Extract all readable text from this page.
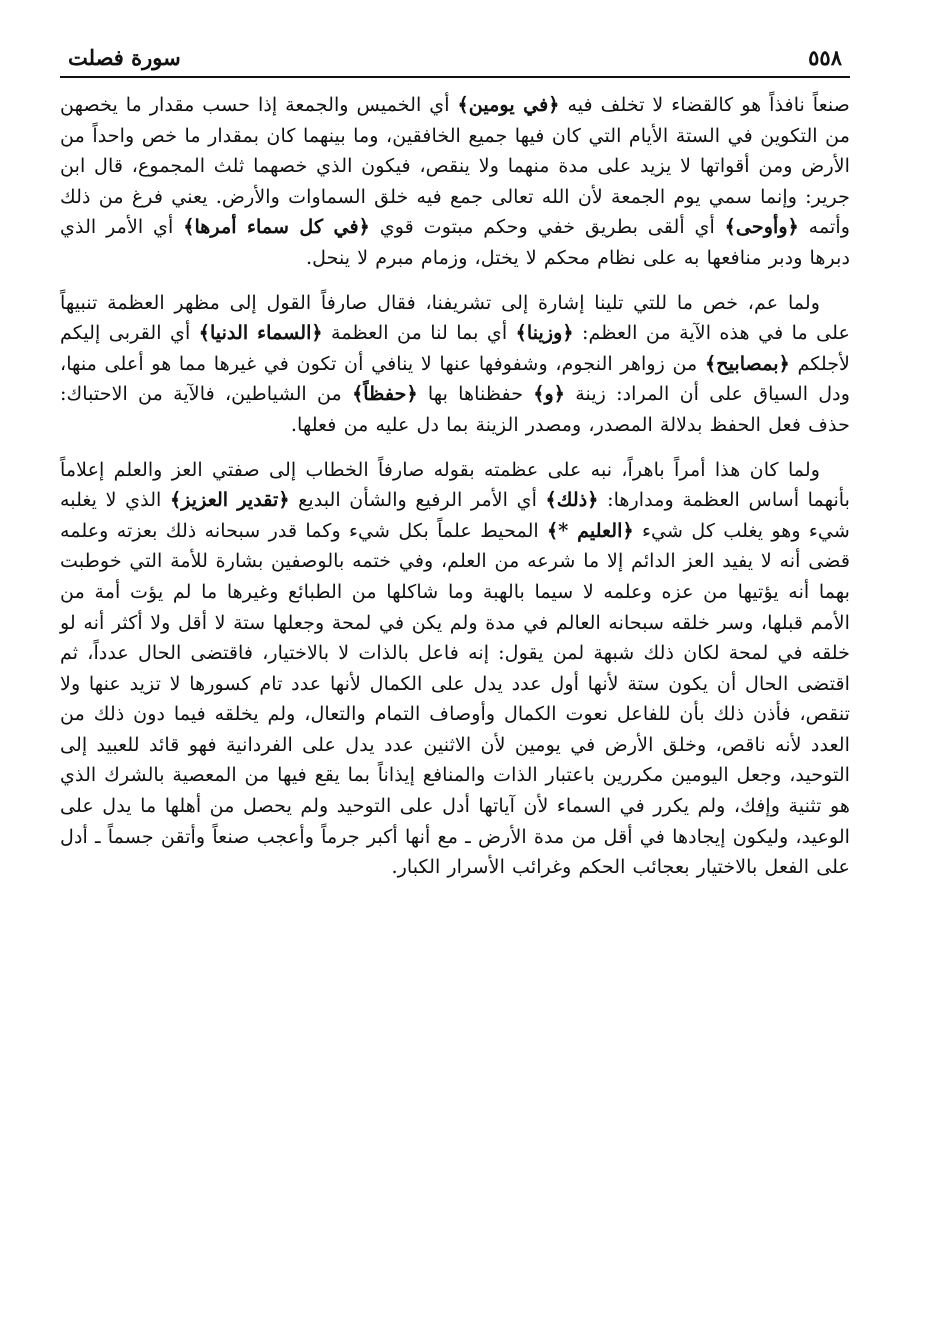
٥٥٨
سورة فصلت

صنعاً نافذاً هو كالقضاء لا تخلف فيه ﴿في يومين﴾ أي الخميس والجمعة إذا حسب مقدار ما يخصهن من التكوين في الستة الأيام التي كان فيها جميع الخافقين، وما بينهما كان بمقدار ما خص واحداً من الأرض ومن أقواتها لا يزيد على مدة منهما ولا ينقص، فيكون الذي خصهما ثلث المجموع، قال ابن جرير: وإنما سمي يوم الجمعة لأن الله تعالى جمع فيه خلق السماوات والأرض. يعني فرغ من ذلك وأتمه ﴿وأوحى﴾ أي ألقى بطريق خفي وحكم مبتوت قوي ﴿في كل سماء أمرها﴾ أي الأمر الذي دبرها ودبر منافعها به على نظام محكم لا يختل، وزمام مبرم لا ينحل.

ولما عم، خص ما للتي تلينا إشارة إلى تشريفنا، فقال صارفاً القول إلى مظهر العظمة تنبيهاً على ما في هذه الآية من العظم: ﴿وزينا﴾ أي بما لنا من العظمة ﴿السماء الدنيا﴾ أي القربى إليكم لأجلكم ﴿بمصابيح﴾ من زواهر النجوم، وشفوفها عنها لا ينافي أن تكون في غيرها مما هو أعلى منها، ودل السياق على أن المراد: زينة ﴿و﴾ حفظناها بها ﴿حفظاً﴾ من الشياطين، فالآية من الاحتباك: حذف فعل الحفظ بدلالة المصدر، ومصدر الزينة بما دل عليه من فعلها.

ولما كان هذا أمراً باهراً، نبه على عظمته بقوله صارفاً الخطاب إلى صفتي العز والعلم إعلاماً بأنهما أساس العظمة ومدارها: ﴿ذلك﴾ أي الأمر الرفيع والشأن البديع ﴿تقدير العزيز﴾ الذي لا يغلبه شيء وهو يغلب كل شيء ﴿العليم *﴾ المحيط علماً بكل شيء وكما قدر سبحانه ذلك بعزته وعلمه قضى أنه لا يفيد العز الدائم إلا ما شرعه من العلم، وفي ختمه بالوصفين بشارة للأمة التي خوطبت بهما أنه يؤتيها من عزه وعلمه لا سيما بالهبة وما شاكلها من الطبائع وغيرها ما لم يؤت أمة من الأمم قبلها، وسر خلقه سبحانه العالم في مدة ولم يكن في لمحة وجعلها ستة لا أقل ولا أكثر أنه لو خلقه في لمحة لكان ذلك شبهة لمن يقول: إنه فاعل بالذات لا بالاختيار، فاقتضى الحال عدداً، ثم اقتضى الحال أن يكون ستة لأنها أول عدد يدل على الكمال لأنها عدد تام كسورها لا تزيد عنها ولا تنقص، فأذن ذلك بأن للفاعل نعوت الكمال وأوصاف التمام والتعال، ولم يخلقه فيما دون ذلك من العدد لأنه ناقص، وخلق الأرض في يومين لأن الاثنين عدد يدل على الفردانية فهو قائد للعبيد إلى التوحيد، وجعل اليومين مكررين باعتبار الذات والمنافع إيذاناً بما يقع فيها من المعصية بالشرك الذي هو تثنية وإفك، ولم يكرر في السماء لأن آياتها أدل على التوحيد ولم يحصل من أهلها ما يدل على الوعيد، وليكون إيجادها في أقل من مدة الأرض ـ مع أنها أكبر جرماً وأعجب صنعاً وأتقن جسماً ـ أدل على الفعل بالاختيار بعجائب الحكم وغرائب الأسرار الكبار.
